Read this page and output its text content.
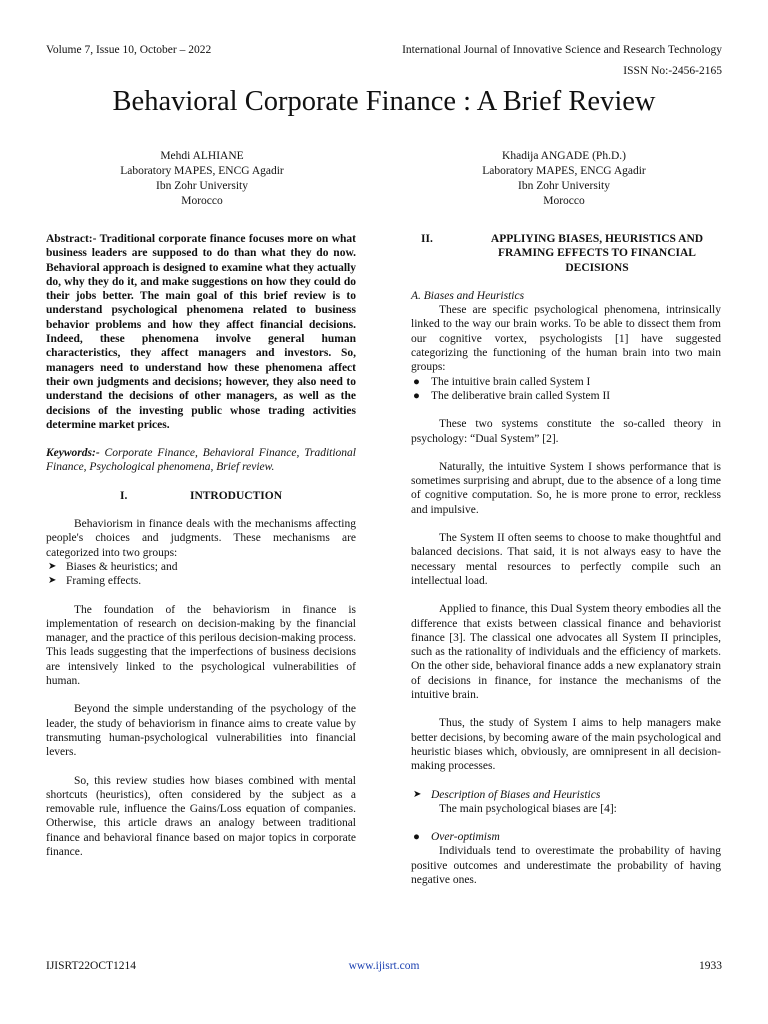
Volume 7, Issue 10, October – 2022	International Journal of Innovative Science and Research Technology
ISSN No:-2456-2165
Behavioral Corporate Finance : A Brief Review
Mehdi ALHIANE
Laboratory MAPES, ENCG Agadir
Ibn Zohr University
Morocco
Khadija ANGADE (Ph.D.)
Laboratory MAPES, ENCG Agadir
Ibn Zohr University
Morocco

Abstract:- Traditional corporate finance focuses more on what business leaders are supposed to do than what they do now. Behavioral approach is designed to examine what they actually do, why they do it, and make suggestions on how they could do their jobs better. The main goal of this brief review is to understand psychological phenomena related to business behavior problems and how they affect financial decisions. Indeed, these phenomena involve general human characteristics, they affect managers and investors. So, managers need to understand how these phenomena affect their own judgments and decisions; however, they also need to understand the decisions of other managers, as well as the decisions of the investing public whose trading activities determine market prices.

Keywords:- Corporate Finance, Behavioral Finance, Traditional Finance, Psychological phenomena, Brief review.

I.	INTRODUCTION

Behaviorism in finance deals with the mechanisms affecting people's choices and judgments. These mechanisms are categorized into two groups:

➤ Biases & heuristics; and
➤ Framing effects.

The foundation of the behaviorism in finance is implementation of research on decision-making by the financial manager, and the practice of this perilous decision-making process. This leads suggesting that the imperfections of business decisions are intensively linked to the psychological vulnerabilities of human.

Beyond the simple understanding of the psychology of the leader, the study of behaviorism in finance aims to create value by transmuting human-psychological vulnerabilities into financial levers.

So, this review studies how biases combined with mental shortcuts (heuristics), often considered by the subject as a removable rule, influence the Gains/Loss equation of companies. Otherwise, this article draws an analogy between traditional finance and behavioral finance based on major topics in corporate finance.

II.	APPLIYING BIASES, HEURISTICS AND FRAMING EFFECTS TO FINANCIAL DECISIONS

A. Biases and Heuristics

These are specific psychological phenomena, intrinsically linked to the way our brain works. To be able to dissect them from our cognitive vortex, psychologists [1] have suggested categorizing the functioning of the human brain into two main groups:

● The intuitive brain called System I
● The deliberative brain called System II

These two systems constitute the so-called theory in psychology: “Dual System” [2].

Naturally, the intuitive System I shows performance that is sometimes surprising and abrupt, due to the absence of a long time of cognitive computation. So, he is more prone to error, reckless and impulsive.

The System II often seems to choose to make thoughtful and balanced decisions. That said, it is not always easy to have the necessary mental resources to perfectly compile such an intellectual load.

Applied to finance, this Dual System theory embodies all the difference that exists between classical finance and behaviorist finance [3]. The classical one advocates all System II principles, such as the rationality of individuals and the efficiency of markets. On the other side, behavioral finance adds a new explanatory strain of decisions in finance, for instance the mechanisms of the intuitive brain.

Thus, the study of System I aims to help managers make better decisions, by becoming aware of the main psychological and heuristic biases which, obviously, are omnipresent in all decision-making processes.

➤ Description of Biases and Heuristics

The main psychological biases are [4]:

● Over-optimism

Individuals tend to overestimate the probability of having positive outcomes and underestimate the probability of having negative ones.

IJISRT22OCT1214	www.ijisrt.com	1933
